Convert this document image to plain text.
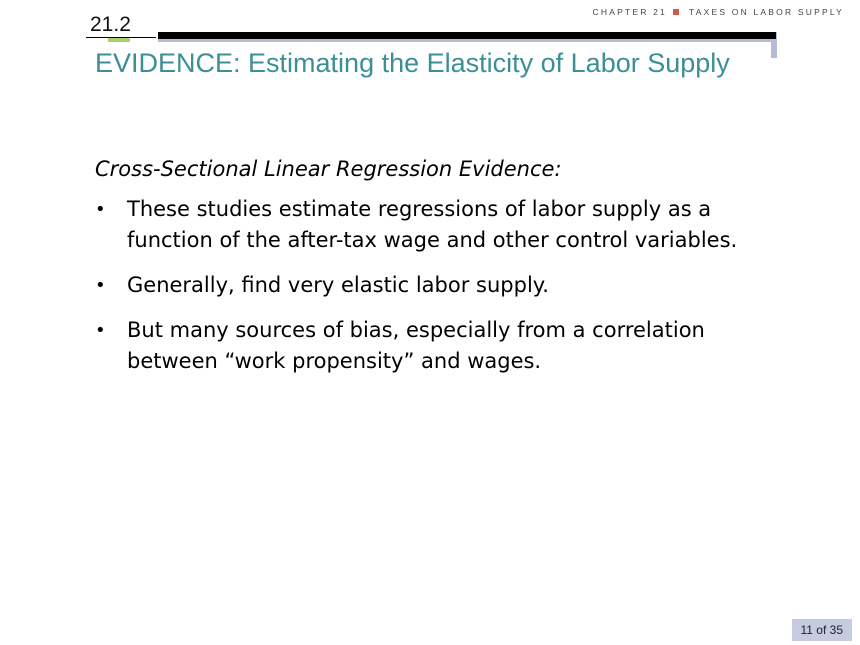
CHAPTER 21	TAXES ON LABOR SUPPLY
21.2
EVIDENCE: Estimating the Elasticity of Labor Supply
Cross-Sectional Linear Regression Evidence:
•	These studies estimate regressions of labor supply as a function of the after-tax wage and other control variables.
•	Generally, find very elastic labor supply.
•	But many sources of bias, especially from a correlation between “work propensity” and wages.
11 of 35
